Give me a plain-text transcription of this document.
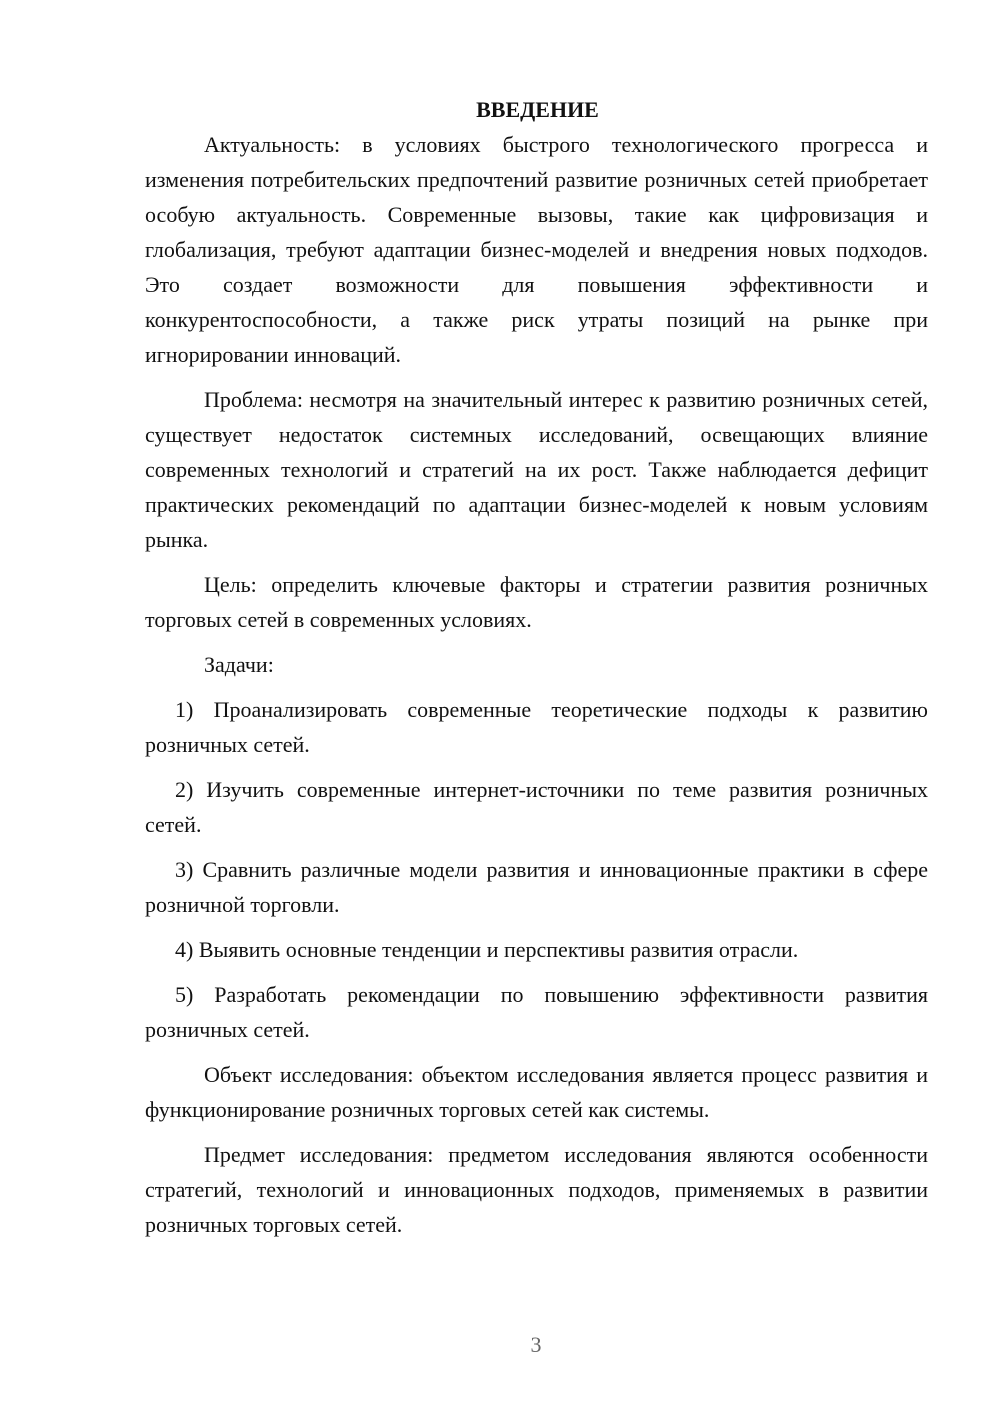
ВВЕДЕНИЕ

Актуальность: в условиях быстрого технологического прогресса и изменения потребительских предпочтений развитие розничных сетей приобретает особую актуальность. Современные вызовы, такие как цифровизация и глобализация, требуют адаптации бизнес-моделей и внедрения новых подходов. Это создает возможности для повышения эффективности и конкурентоспособности, а также риск утраты позиций на рынке при игнорировании инноваций.

Проблема: несмотря на значительный интерес к развитию розничных сетей, существует недостаток системных исследований, освещающих влияние современных технологий и стратегий на их рост. Также наблюдается дефицит практических рекомендаций по адаптации бизнес-моделей к новым условиям рынка.

Цель: определить ключевые факторы и стратегии развития розничных торговых сетей в современных условиях.

Задачи:

1) Проанализировать современные теоретические подходы к развитию розничных сетей.

2) Изучить современные интернет-источники по теме развития розничных сетей.

3) Сравнить различные модели развития и инновационные практики в сфере розничной торговли.

4) Выявить основные тенденции и перспективы развития отрасли.

5) Разработать рекомендации по повышению эффективности развития розничных сетей.

Объект исследования: объектом исследования является процесс развития и функционирование розничных торговых сетей как системы.

Предмет исследования: предметом исследования являются особенности стратегий, технологий и инновационных подходов, применяемых в развитии розничных торговых сетей.

3
